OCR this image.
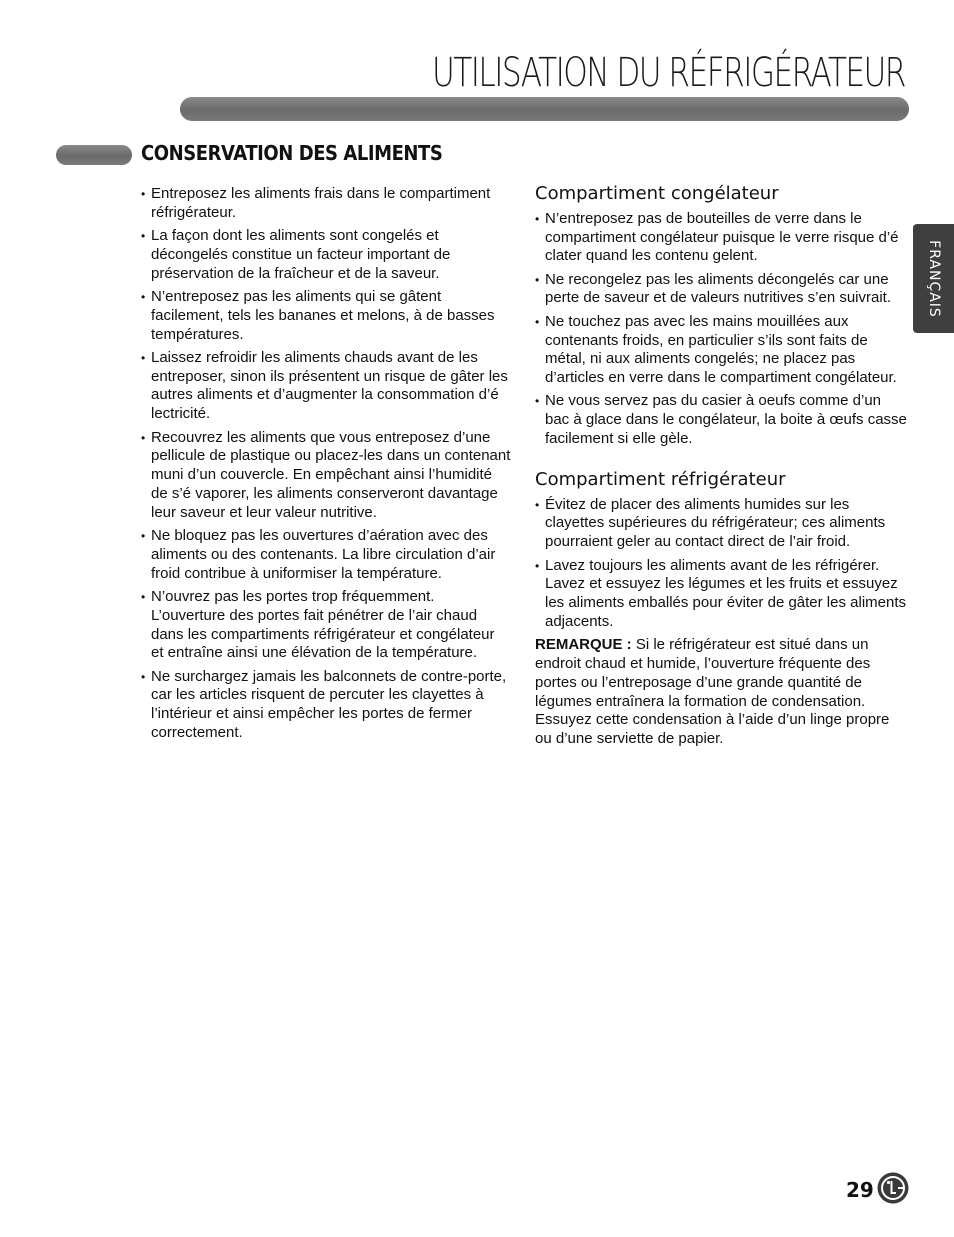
UTILISATION DU RÉFRIGÉRATEUR
CONSERVATION DES ALIMENTS
• Entreposez les aliments frais dans le compartiment réfrigérateur.
• La façon dont les aliments sont congelés et décongelés constitue un facteur important de préservation de la fraîcheur et de la saveur.
• N’entreposez pas les aliments qui se gâtent facilement, tels les bananes et melons, à de basses températures.
• Laissez refroidir les aliments chauds avant de les entreposer, sinon ils présentent un risque de gâter les autres aliments et d’augmenter la consommation d’é lectricité.
• Recouvrez les aliments que vous entreposez d’une pellicule de plastique ou placez-les dans un contenant muni d’un couvercle. En empêchant ainsi l’humidité de s’é vaporer, les aliments conserveront davantage leur saveur et leur valeur nutritive.
• Ne bloquez pas les ouvertures d’aération avec des aliments ou des contenants. La libre circulation d’air froid contribue à uniformiser la température.
• N’ouvrez pas les portes trop fréquemment. L’ouverture des portes fait pénétrer de l’air chaud dans les compartiments réfrigérateur et congélateur et entraîne ainsi une élévation de la température.
• Ne surchargez jamais les balconnets de contre-porte, car les articles risquent de percuter les clayettes à l’intérieur et ainsi empêcher les portes de fermer correctement.
Compartiment congélateur
• N’entreposez pas de bouteilles de verre dans le compartiment congélateur puisque le verre risque d’é clater quand les contenu gelent.
• Ne recongelez pas les aliments décongelés car une perte de saveur et de valeurs nutritives s’en suivrait.
• Ne touchez pas avec les mains mouillées aux contenants froids, en particulier s’ils sont faits de métal, ni aux aliments congelés; ne placez pas d’articles en verre dans le compartiment congélateur.
• Ne vous servez pas du casier à oeufs comme d’un bac à glace dans le congélateur, la boite à œufs casse facilement si elle gèle.
Compartiment réfrigérateur
• Évitez de placer des aliments humides sur les clayettes supérieures du réfrigérateur; ces aliments pourraient geler au contact direct de l’air froid.
• Lavez toujours les aliments avant de les réfrigérer. Lavez et essuyez les légumes et les fruits et essuyez les aliments emballés pour éviter de gâter les aliments adjacents.
REMARQUE : Si le réfrigérateur est situé dans un endroit chaud et humide, l’ouverture fréquente des portes ou l’entreposage d’une grande quantité de légumes entraînera la formation de condensation. Essuyez cette condensation à l’aide d’un linge propre ou d’une serviette de papier.
FRANÇAIS
29
LG
